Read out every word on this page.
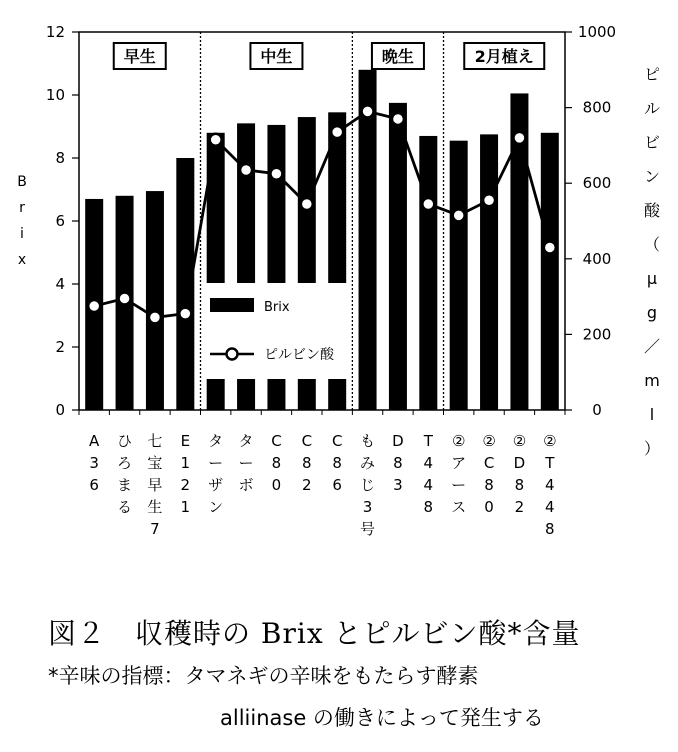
0
2
4
6
8
10
12
0
200
400
600
800
1000
早生	中生	晩生	2月植え
Brix
ピルビン酸
B
r
i
x
ピ
ル
ビ
ン
酸
（
μ
g
／
m
l
）
A
3
6
ひ
ろ
ま
る
七
宝
早
生
7
E
1
2
1
タ
ー
ザ
ン
タ
ー
ボ
C
8
0
C
8
2
C
8
6
も
み
じ
3
号
D
8
3
T
4
4
8
②
ア
ー
ス
②
C
8
0
②
D
8
2
②
T
4
4
8
図２　収穫時の Brix とピルビン酸*含量
*辛味の指標：タマネギの辛味をもたらす酵素
alliinase の働きによって発生する
